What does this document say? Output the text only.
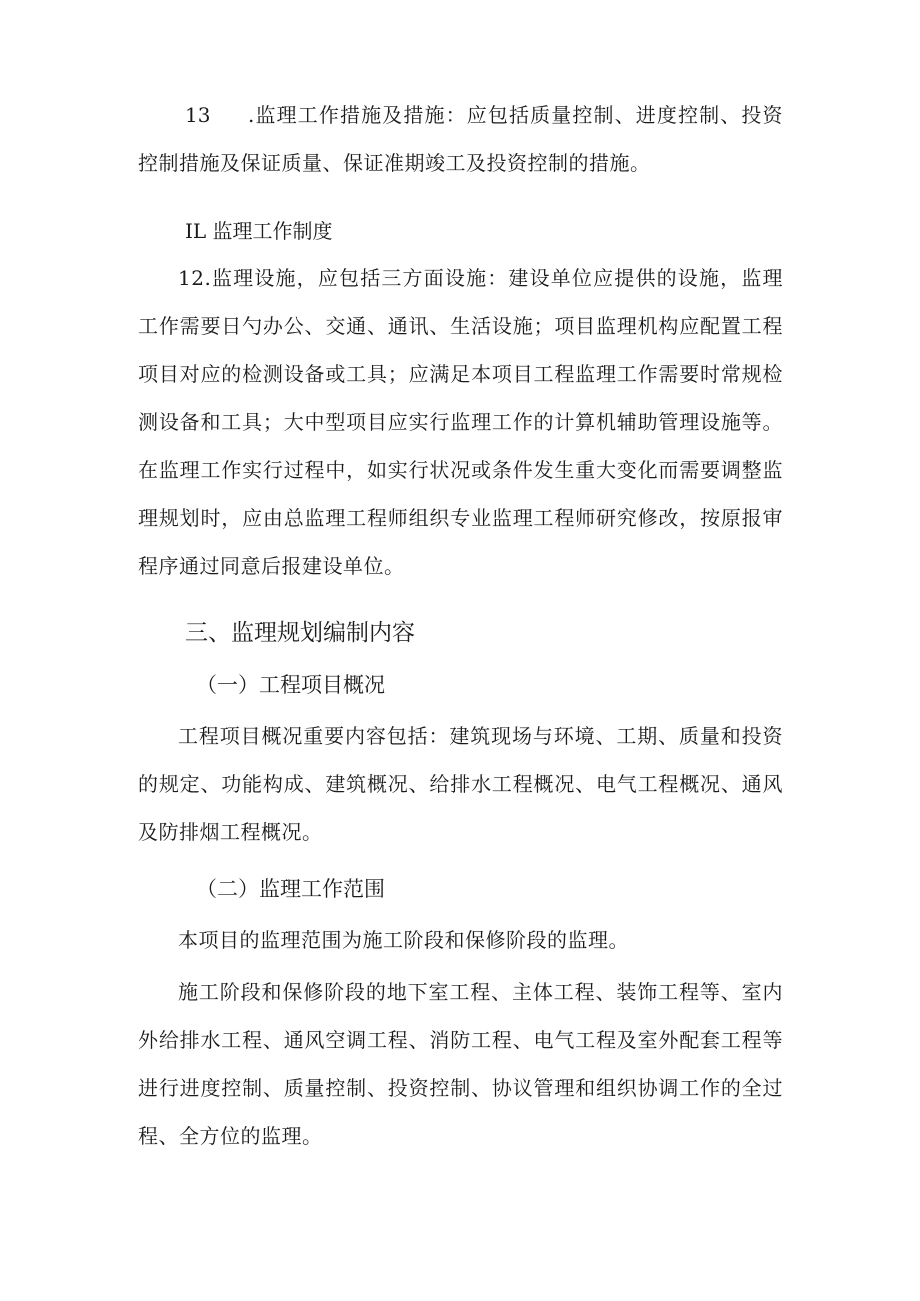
13	.监理工作措施及措施：应包括质量控制、进度控制、投资控制措施及保证质量、保证准期竣工及投资控制的措施。

IL 监理工作制度

12.监理设施，应包括三方面设施：建设单位应提供的设施，监理工作需要日勺办公、交通、通讯、生活设施；项目监理机构应配置工程项目对应的检测设备或工具；应满足本项目工程监理工作需要时常规检测设备和工具；大中型项目应实行监理工作的计算机辅助管理设施等。在监理工作实行过程中，如实行状况或条件发生重大变化而需要调整监理规划时，应由总监理工程师组织专业监理工程师研究修改，按原报审程序通过同意后报建设单位。

三、监理规划编制内容
（一）工程项目概况

工程项目概况重要内容包括：建筑现场与环境、工期、质量和投资的规定、功能构成、建筑概况、给排水工程概况、电气工程概况、通风及防排烟工程概况。

（二）监理工作范围

本项目的监理范围为施工阶段和保修阶段的监理。

施工阶段和保修阶段的地下室工程、主体工程、装饰工程等、室内外给排水工程、通风空调工程、消防工程、电气工程及室外配套工程等进行进度控制、质量控制、投资控制、协议管理和组织协调工作的全过程、全方位的监理。
